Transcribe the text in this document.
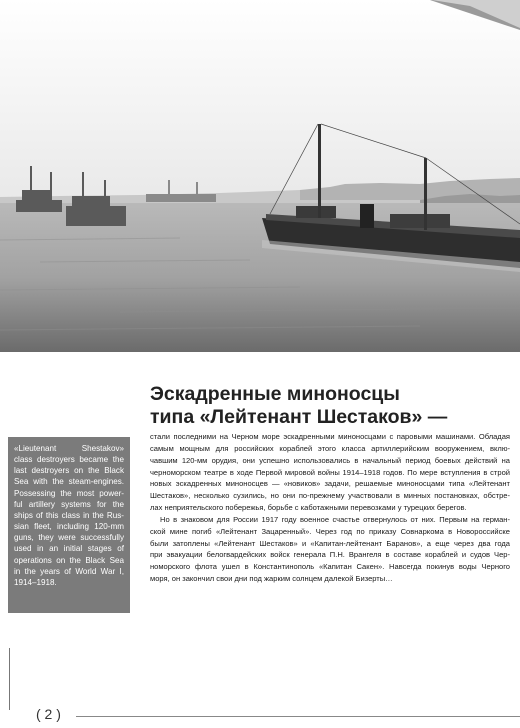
Эскадренные миноносцы
типа «Лейтенант Шестаков» —
«Lieutenant Shestakov»
class destroyers became the
last destroyers on the Black
Sea with the steam-engines.
Possessing the most power-
ful artillery systems for the
ships of this class in the Rus-
sian fleet, including 120-mm
guns, they were successfully
used in an initial stages of
operations on the Black Sea
in the years of World War I,
1914–1918.
стали последними на Черном море эскадренными миноносцами с паровыми машинами. Обладая
самым мощным для российских кораблей этого класса артиллерийским вооружением, вклю-
чавшим 120-мм орудия, они успешно использовались в начальный период боевых действий на
черноморском театре в ходе Первой мировой войны 1914–1918 годов. По мере вступления в строй
новых эскадренных миноносцев — «новиков» задачи, решаемые миноносцами типа «Лейтенант
Шестаков», несколько сузились, но они по-прежнему участвовали в минных постановках, обстре-
лах неприятельского побережья, борьбе с каботажными перевозками у турецких берегов.
Но в знаковом для России 1917 году военное счастье отвернулось от них. Первым на герман-
ской мине погиб «Лейтенант Зацаренный». Через год по приказу Совнаркома в Новороссийске
были затоплены «Лейтенант Шестаков» и «Капитан-лейтенант Баранов», а еще через два года
при эвакуации белогвардейских войск генерала П.Н. Врангеля в составе кораблей и судов Чер-
номорского флота ушел в Константинополь «Капитан Сакен». Навсегда покинув воды Черного
моря, он закончил свои дни под жарким солнцем далекой Бизерты…
( 2 )
